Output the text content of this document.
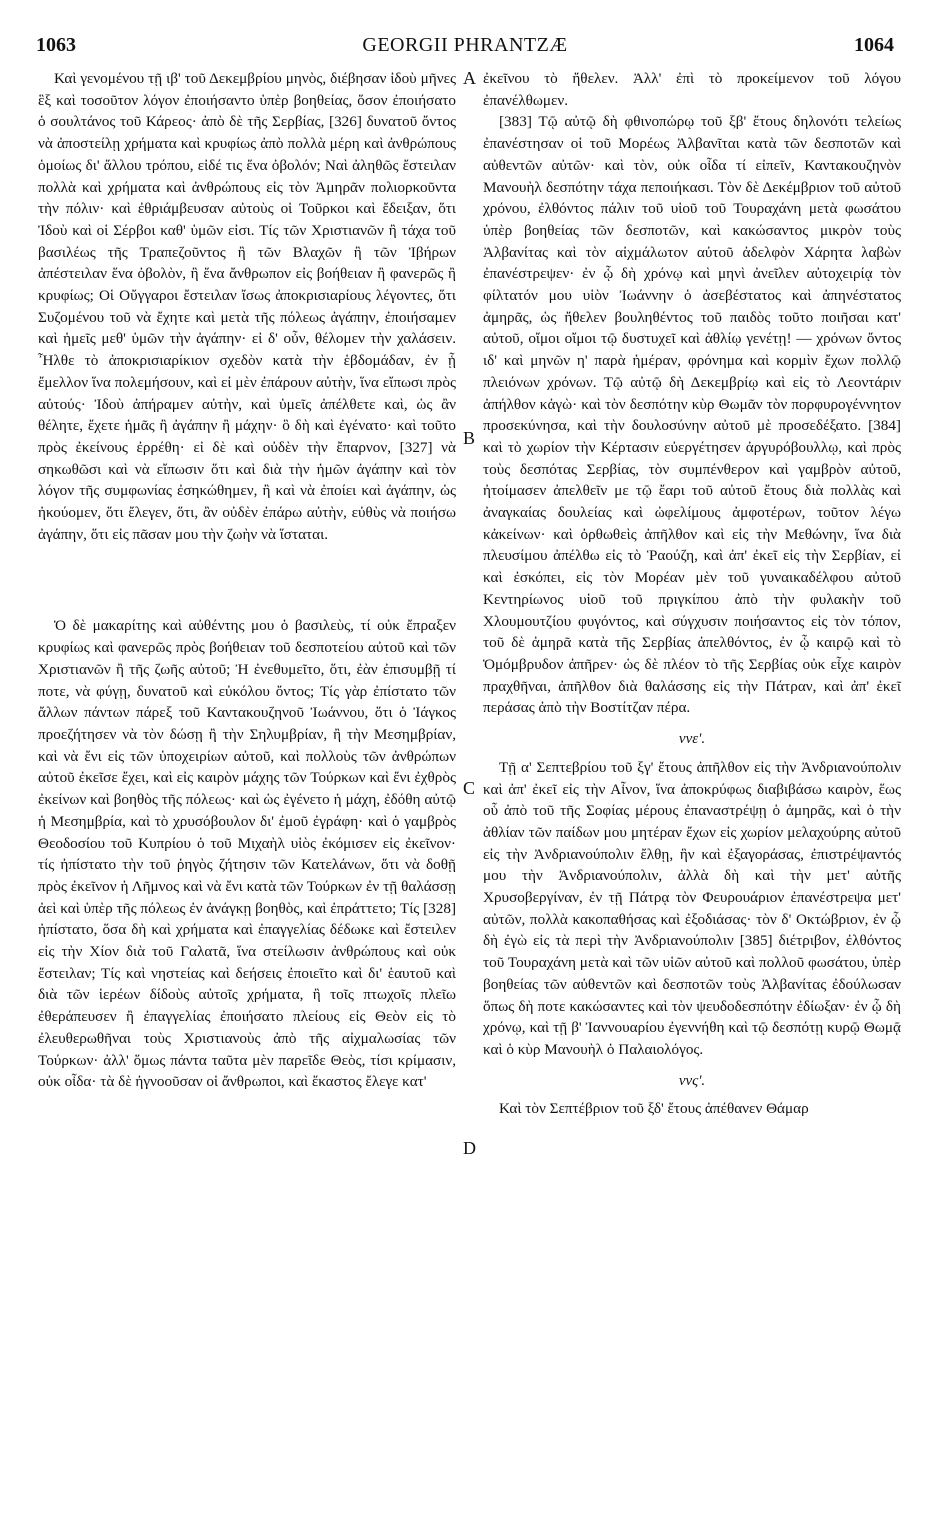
1063	GEORGII PHRANTZÆ	1064
A
B
C
D

Καὶ γενομένου τῇ ιβ' τοῦ Δεκεμβρίου μηνὸς, διέβησαν ἰδοὺ μῆνες ἓξ καὶ τοσοῦτον λόγον ἐποιήσαντο ὑπὲρ βοηθείας, ὅσον ἐποιήσατο ὁ σουλτάνος τοῦ Κάρεος· ἀπὸ δὲ τῆς Σερβίας, [326] δυνατοῦ ὄντος νὰ ἀποστείλῃ χρήματα καὶ κρυφίως ἀπὸ πολλὰ μέρη καὶ ἀνθρώπους ὁμοίως δι' ἄλλου τρόπου, εἰδέ τις ἕνα ὀβολόν; Ναὶ ἀληθῶς ἔστειλαν πολλὰ καὶ χρήματα καὶ ἀνθρώπους εἰς τὸν Ἀμηρᾶν πολιορκοῦντα τὴν πόλιν· καὶ ἐθριάμβευσαν αὐτοὺς οἱ Τοῦρκοι καὶ ἔδειξαν, ὅτι Ἰδοὺ καὶ οἱ Σέρβοι καθ' ὑμῶν εἰσι. Τίς τῶν Χριστιανῶν ἢ τάχα τοῦ βασιλέως τῆς Τραπεζοῦντος ἢ τῶν Βλαχῶν ἢ τῶν Ἰβήρων ἀπέστειλαν ἕνα ὀβολὸν, ἢ ἕνα ἄνθρωπον εἰς βοήθειαν ἢ φανερῶς ἢ κρυφίως; Οἱ Οὔγγαροι ἔστειλαν ἴσως ἀποκρισιαρίους λέγοντες, ὅτι Συζομένου τοῦ νὰ ἔχητε καὶ μετὰ τῆς πόλεως ἀγάπην, ἐποιήσαμεν καὶ ἡμεῖς μεθ' ὑμῶν τὴν ἀγάπην· εἰ δ' οὖν, θέλομεν τὴν χαλάσειν. Ἦλθε τὸ ἀποκρισιαρίκιον σχεδὸν κατὰ τὴν ἑβδομάδαν, ἐν ᾗ ἔμελλον ἵνα πολεμήσουν, καὶ εἰ μὲν ἐπάρουν αὐτὴν, ἵνα εἴπωσι πρὸς αὐτούς· Ἰδοὺ ἀπήραμεν αὐτὴν, καὶ ὑμεῖς ἀπέλθετε καὶ, ὡς ἂν θέλητε, ἔχετε ἡμᾶς ἢ ἀγάπην ἢ μάχην· ὃ δὴ καὶ ἐγένατο· καὶ τοῦτο πρὸς ἐκείνους ἐρρέθη· εἰ δὲ καὶ οὐδὲν τὴν ἔπαρνον, [327] νὰ σηκωθῶσι καὶ νὰ εἴπωσιν ὅτι καὶ διὰ τὴν ἡμῶν ἀγάπην καὶ τὸν λόγον τῆς συμφωνίας ἐσηκώθημεν, ἢ καὶ νὰ ἐποίει καὶ ἀγάπην, ὡς ἠκούομεν, ὅτι ἔλεγεν, ὅτι, ἂν οὐδὲν ἐπάρω αὐτὴν, εὐθὺς νὰ ποιήσω ἀγάπην, ὅτι εἰς πᾶσαν μου τὴν ζωὴν νὰ ἵσταται.

Ὁ δὲ μακαρίτης καὶ αὐθέντης μου ὁ βασιλεὺς, τί οὐκ ἔπραξεν κρυφίως καὶ φανερῶς πρὸς βοήθειαν τοῦ δεσποτείου αὐτοῦ καὶ τῶν Χριστιανῶν ἢ τῆς ζωῆς αὐτοῦ; Ἠ ἐνεθυμεῖτο, ὅτι, ἐὰν ἐπισυμβῇ τί ποτε, νὰ φύγῃ, δυνατοῦ καὶ εὐκόλου ὄντος; Τίς γὰρ ἐπίστατο τῶν ἄλλων πάντων πάρεξ τοῦ Καντακουζηνοῦ Ἰωάννου, ὅτι ὁ Ἰάγκος προεζήτησεν νὰ τὸν δώσῃ ἢ τὴν Σηλυμβρίαν, ἢ τὴν Μεσημβρίαν, καὶ νὰ ἔνι εἰς τῶν ὑποχειρίων αὐτοῦ, καὶ πολλοὺς τῶν ἀνθρώπων αὐτοῦ ἐκεῖσε ἔχει, καὶ εἰς καιρὸν μάχης τῶν Τούρκων καὶ ἔνι ἐχθρὸς ἐκείνων καὶ βοηθὸς τῆς πόλεως· καὶ ὡς ἐγένετο ἡ μάχη, ἐδόθη αὐτῷ ἡ Μεσημβρία, καὶ τὸ χρυσόβουλον δι' ἐμοῦ ἐγράφη· καὶ ὁ γαμβρὸς Θεοδοσίου τοῦ Κυπρίου ὁ τοῦ Μιχαὴλ υἱὸς ἐκόμισεν εἰς ἐκεῖνον· τίς ἠπίστατο τὴν τοῦ ῥηγὸς ζήτησιν τῶν Κατελάνων, ὅτι νὰ δοθῇ πρὸς ἐκεῖνον ἡ Λῆμνος καὶ νὰ ἔνι κατὰ τῶν Τούρκων ἐν τῇ θαλάσσῃ ἀεὶ καὶ ὑπὲρ τῆς πόλεως ἐν ἀνάγκῃ βοηθὸς, καὶ ἐπράττετο; Τίς [328] ἠπίστατο, ὅσα δὴ καὶ χρήματα καὶ ἐπαγγελίας δέδωκε καὶ ἔστειλεν εἰς τὴν Χίον διὰ τοῦ Γαλατᾶ, ἵνα στείλωσιν ἀνθρώπους καὶ οὐκ ἔστειλαν; Τίς καὶ νηστείας καὶ δεήσεις ἐποιεῖτο καὶ δι' ἑαυτοῦ καὶ διὰ τῶν ἱερέων δίδοὺς αὐτοῖς χρήματα, ἢ τοῖς πτωχοῖς πλεῖω ἐθεράπευσεν ἢ ἐπαγγελίας ἐποιήσατο πλείους εἰς Θεὸν εἰς τὸ ἐλευθερωθῆναι τοὺς Χριστιανοὺς ἀπὸ τῆς αἰχμαλωσίας τῶν Τούρκων· ἀλλ' ὅμως πάντα ταῦτα μὲν παρεῖδε Θεὸς, τίσι κρίμασιν, οὐκ οἶδα· τὰ δὲ ἠγνοοῦσαν οἱ ἄνθρωποι, καὶ ἕκαστος ἔλεγε κατ'

ἐκεῖνου τὸ ἤθελεν. Ἀλλ' ἐπὶ τὸ προκείμενον τοῦ λόγου ἐπανέλθωμεν.

[383] Τῷ αὐτῷ δὴ φθινοπώρῳ τοῦ ξβ' ἔτους δηλονότι τελείως ἐπανέστησαν οἱ τοῦ Μορέως Ἀλβανῖται κατὰ τῶν δεσποτῶν καὶ αὐθεντῶν αὐτῶν· καὶ τὸν, οὐκ οἶδα τί εἰπεῖν, Καντακουζηνὸν Μανουὴλ δεσπότην τάχα πεποιήκασι. Τὸν δὲ Δεκέμβριον τοῦ αὐτοῦ χρόνου, ἐλθόντος πάλιν τοῦ υἱοῦ τοῦ Τουραχάνη μετὰ φωσάτου ὑπὲρ βοηθείας τῶν δεσποτῶν, καὶ κακώσαντος μικρὸν τοὺς Ἀλβανίτας καὶ τὸν αἰχμάλωτον αὐτοῦ ἀδελφὸν Χάρητα λαβὼν ἐπανέστρεψεν· ἐν ᾧ δὴ χρόνῳ καὶ μηνὶ ἀνεῖλεν αὐτοχειρίᾳ τὸν φίλτατόν μου υἱὸν Ἰωάννην ὁ ἀσεβέστατος καὶ ἀπηνέστατος ἀμηρᾶς, ὡς ἤθελεν βουληθέντος τοῦ παιδὸς τοῦτο ποιῆσαι κατ' αὐτοῦ, οἴμοι οἴμοι τῷ δυστυχεῖ καὶ ἀθλίῳ γενέτῃ! — χρόνων ὄντος ιδ' καὶ μηνῶν η' παρὰ ἡμέραν, φρόνημα καὶ κορμὶν ἔχων πολλῷ πλειόνων χρόνων. Τῷ αὐτῷ δὴ Δεκεμβρίῳ καὶ εἰς τὸ Λεοντάριν ἀπήλθον κἀγὼ· καὶ τὸν δεσπότην κὺρ Θωμᾶν τὸν πορφυρογέννητον προσεκύνησα, καὶ τὴν δουλοσύνην αὐτοῦ μὲ προσεδέξατο. [384] καὶ τὸ χωρίον τὴν Κέρτασιν εὐεργέτησεν ἀργυρόβουλλῳ, καὶ πρὸς τοὺς δεσπότας Σερβίας, τὸν συμπένθερον καὶ γαμβρὸν αὐτοῦ, ἠτοίμασεν ἀπελθεῖν με τῷ ἔαρι τοῦ αὐτοῦ ἔτους διὰ πολλὰς καὶ ἀναγκαίας δουλείας καὶ ὠφελίμους ἀμφοτέρων, τοῦτον λέγω κἀκείνων· καὶ ὀρθωθεὶς ἀπῆλθον καὶ εἰς τὴν Μεθώνην, ἵνα διὰ πλευσίμου ἀπέλθω εἰς τὸ Ῥαούζη, καὶ ἀπ' ἐκεῖ εἰς τὴν Σερβίαν, εἰ καὶ ἐσκόπει, εἰς τὸν Μορέαν μὲν τοῦ γυναικαδέλφου αὐτοῦ Κεντηρίωνος υἱοῦ τοῦ πριγκίπου ἀπὸ τὴν φυλακὴν τοῦ Χλουμουτζίου φυγόντος, καὶ σύγχυσιν ποιήσαντος εἰς τὸν τόπον, τοῦ δὲ ἀμηρᾶ κατὰ τῆς Σερβίας ἀπελθόντος, ἐν ᾧ καιρῷ καὶ τὸ Ὁμόμβρυδον ἀπῆρεν· ὡς δὲ πλέον τὸ τῆς Σερβίας οὐκ εἶχε καιρὸν πραχθῆναι, ἀπῆλθον διὰ θαλάσσης εἰς τὴν Πάτραν, καὶ ἀπ' ἐκεῖ περάσας ἀπὸ τὴν Βοστίτζαν πέρα.

ννε'.

Τῇ α' Σεπτεβρίου τοῦ ξγ' ἔτους ἀπῆλθον εἰς τὴν Ἀνδριανούπολιν καὶ ἀπ' ἐκεῖ εἰς τὴν Αἶνον, ἵνα ἀποκρύφως διαβιβάσω καιρὸν, ἕως οὗ ἀπὸ τοῦ τῆς Σοφίας μέρους ἐπαναστρέψῃ ὁ ἀμηρᾶς, καὶ ὁ τὴν ἀθλίαν τῶν παίδων μου μητέραν ἔχων εἰς χωρίον μελαχούρης αὐτοῦ εἰς τὴν Ἀνδριανούπολιν ἔλθῃ, ἣν καὶ ἐξαγοράσας, ἐπιστρέψαντός μου τὴν Ἀνδριανούπολιν, ἀλλὰ δὴ καὶ τὴν μετ' αὐτῆς Χρυσοβεργίναν, ἐν τῇ Πάτρᾳ τὸν Φευρουάριον ἐπανέστρεψα μετ' αὐτῶν, πολλὰ κακοπαθήσας καὶ ἐξοδιάσας· τὸν δ' Οκτώβριον, ἐν ᾧ δὴ ἐγὼ εἰς τὰ περὶ τὴν Ἀνδριανούπολιν [385] διέτριβον, ἐλθόντος τοῦ Τουραχάνη μετὰ καὶ τῶν υἱῶν αὐτοῦ καὶ πολλοῦ φωσάτου, ὑπὲρ βοηθείας τῶν αὐθεντῶν καὶ δεσποτῶν τοὺς Ἀλβανίτας ἐδούλωσαν ὅπως δὴ ποτε κακώσαντες καὶ τὸν ψευδοδεσπότην ἐδίωξαν· ἐν ᾧ δὴ χρόνῳ, καὶ τῇ β' Ἰαννουαρίου ἐγεννήθη καὶ τῷ δεσπότῃ κυρῷ Θωμᾷ καὶ ὁ κὺρ Μανουὴλ ὁ Παλαιολόγος.

ννς'.

Καὶ τὸν Σεπτέβριον τοῦ ξδ' ἔτους ἀπέθανεν Θάμαρ
